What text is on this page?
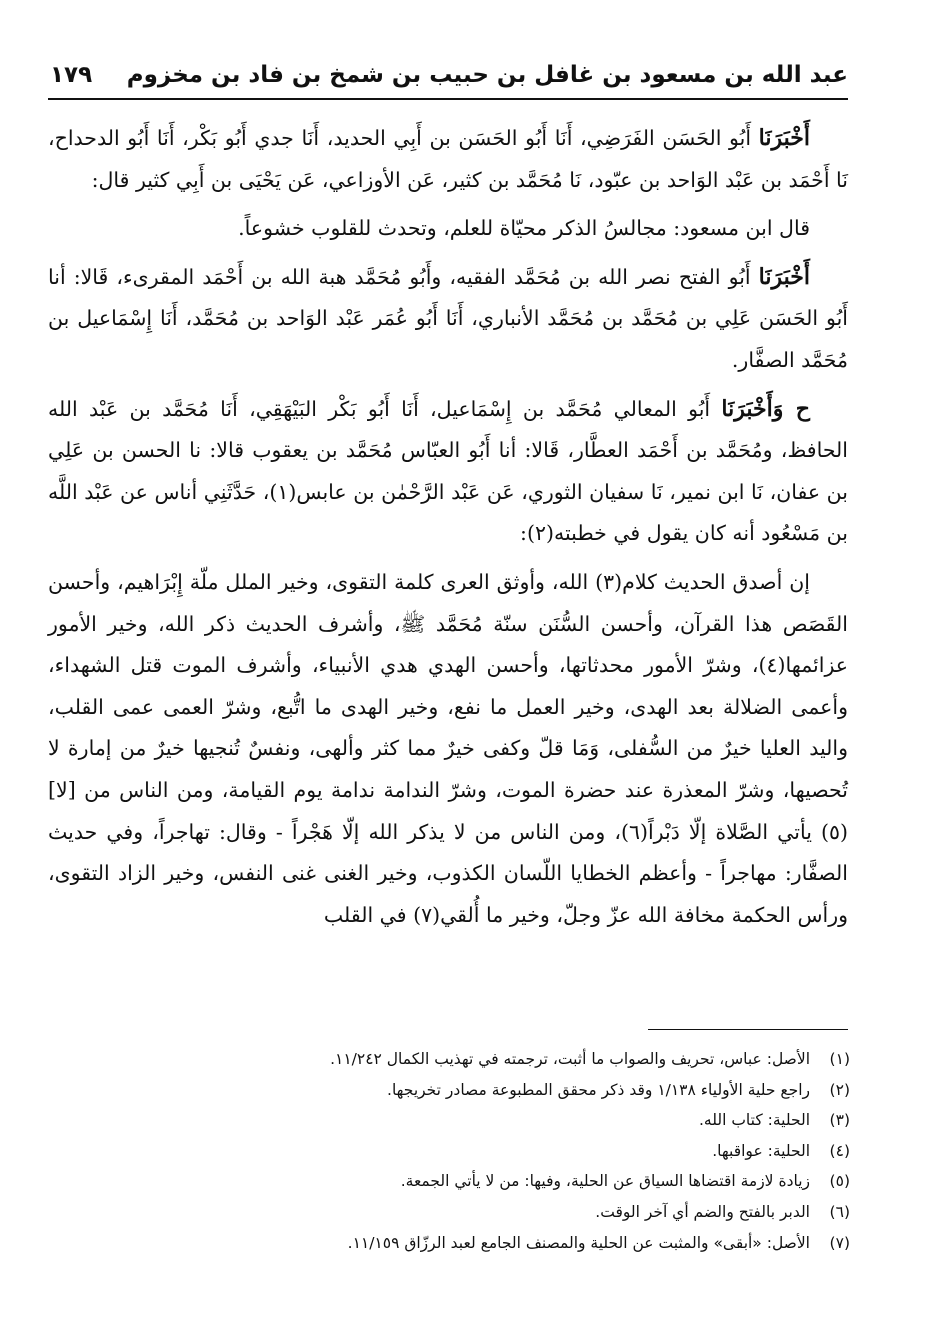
عبد الله بن مسعود بن غافل بن حبيب بن شمخ بن فاد بن مخزوم
١٧٩

أَخْبَرَنَا أَبُو الحَسَن الفَرَضِي، أَنَا أَبُو الحَسَن بن أَبِي الحديد، أَنَا جدي أَبُو بَكْر، أَنَا أَبُو الدحداح، نَا أَحْمَد بن عَبْد الوَاحد بن عبّود، نَا مُحَمَّد بن كثير، عَن الأوزاعي، عَن يَحْيَى بن أَبِي كثير قال:

قال ابن مسعود: مجالسُ الذكر محيّاة للعلم، وتحدث للقلوب خشوعاً.

أَخْبَرَنَا أَبُو الفتح نصر الله بن مُحَمَّد الفقيه، وأَبُو مُحَمَّد هبة الله بن أَحْمَد المقرىء، قَالا: أنا أَبُو الحَسَن عَلِي بن مُحَمَّد بن مُحَمَّد الأنباري، أَنَا أَبُو عُمَر عَبْد الوَاحد بن مُحَمَّد، أَنَا إِسْمَاعيل بن مُحَمَّد الصفَّار.

ح وَأَخْبَرَنَا أَبُو المعالي مُحَمَّد بن إِسْمَاعيل، أَنَا أَبُو بَكْر البَيْهَقِي، أَنَا مُحَمَّد بن عَبْد الله الحافظ، ومُحَمَّد بن أَحْمَد العطَّار، قَالا: أنا أَبُو العبّاس مُحَمَّد بن يعقوب قالا: نا الحسن بن عَلِي بن عفان، نَا ابن نمير، نَا سفيان الثوري، عَن عَبْد الرَّحْمٰن بن عابس(١)، حَدَّثَنِي أناس عن عَبْد اللَّه بن مَسْعُود أنه كان يقول في خطبته(٢):

إن أصدق الحديث كلام(٣) الله، وأوثق العرى كلمة التقوى، وخير الملل ملّة إِبْرَاهيم، وأحسن القَصَص هذا القرآن، وأحسن السُّنَن سنّة مُحَمَّد ﷺ، وأشرف الحديث ذكر الله، وخير الأمور عزائمها(٤)، وشرّ الأمور محدثاتها، وأحسن الهدي هدي الأنبياء، وأشرف الموت قتل الشهداء، وأعمى الضلالة بعد الهدى، وخير العمل ما نفع، وخير الهدى ما اتُّبع، وشرّ العمى عمى القلب، واليد العليا خيرٌ من السُّفلى، وَمَا قلّ وكفى خيرٌ مما كثر وألهى، ونفسٌ تُنجيها خيرٌ من إمارة لا تُحصيها، وشرّ المعذرة عند حضرة الموت، وشرّ الندامة ندامة يوم القيامة، ومن الناس من [لا](٥) يأتي الصَّلاة إلّا دَبْراً(٦)، ومن الناس من لا يذكر الله إلّا هَجْراً - وقال: تهاجراً، وفي حديث الصفَّار: مهاجراً - وأعظم الخطايا اللّسان الكذوب، وخير الغنى غنى النفس، وخير الزاد التقوى، ورأس الحكمة مخافة الله عزّ وجلّ، وخير ما أُلقي(٧) في القلب

(١)
الأصل: عباس، تحريف والصواب ما أثبت، ترجمته في تهذيب الكمال ١١/٢٤٢.
(٢)
راجع حلية الأولياء ١/١٣٨ وقد ذكر محقق المطبوعة مصادر تخريجها.
(٣)
الحلية: كتاب الله.
(٤)
الحلية: عواقبها.
(٥)
زيادة لازمة اقتضاها السياق عن الحلية، وفيها: من لا يأتي الجمعة.
(٦)
الدبر بالفتح والضم أي آخر الوقت.
(٧)
الأصل: «أبقى» والمثبت عن الحلية والمصنف الجامع لعبد الرزّاق ١١/١٥٩.
